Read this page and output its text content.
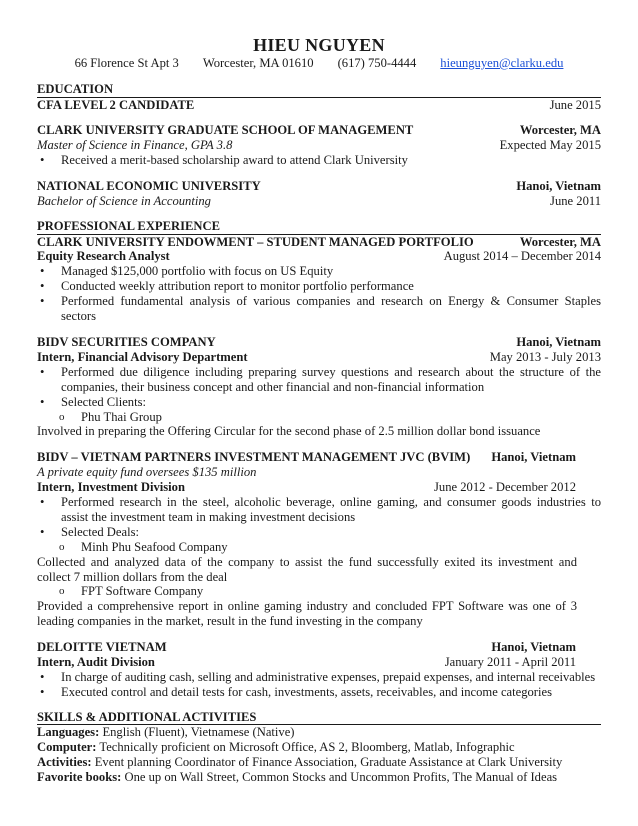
HIEU NGUYEN
66 Florence St Apt 3 Worcester, MA 01610 (617) 750-4444 hieunguyen@clarku.edu
EDUCATION
CFA LEVEL 2 CANDIDATE	June 2015
CLARK UNIVERSITY GRADUATE SCHOOL OF MANAGEMENT	Worcester, MA
Master of Science in Finance, GPA 3.8	Expected May 2015
• Received a merit-based scholarship award to attend Clark University
NATIONAL ECONOMIC UNIVERSITY	Hanoi, Vietnam
Bachelor of Science in Accounting	June 2011
PROFESSIONAL EXPERIENCE
CLARK UNIVERSITY ENDOWMENT – STUDENT MANAGED PORTFOLIO	Worcester, MA
Equity Research Analyst	August 2014 – December 2014
• Managed $125,000 portfolio with focus on US Equity
• Conducted weekly attribution report to monitor portfolio performance
• Performed fundamental analysis of various companies and research on Energy & Consumer Staples sectors
BIDV SECURITIES COMPANY	Hanoi, Vietnam
Intern, Financial Advisory Department	May 2013 - July 2013
• Performed due diligence including preparing survey questions and research about the structure of the companies, their business concept and other financial and non-financial information
• Selected Clients:
o Phu Thai Group
Involved in preparing the Offering Circular for the second phase of 2.5 million dollar bond issuance
BIDV – VIETNAM PARTNERS INVESTMENT MANAGEMENT JVC (BVIM) Hanoi, Vietnam
A private equity fund oversees $135 million
Intern, Investment Division	June 2012 - December 2012
• Performed research in the steel, alcoholic beverage, online gaming, and consumer goods industries to assist the investment team in making investment decisions
• Selected Deals:
o Minh Phu Seafood Company
Collected and analyzed data of the company to assist the fund successfully exited its investment and collect 7 million dollars from the deal
o FPT Software Company
Provided a comprehensive report in online gaming industry and concluded FPT Software was one of 3 leading companies in the market, result in the fund investing in the company
DELOITTE VIETNAM	Hanoi, Vietnam
Intern, Audit Division	January 2011 - April 2011
• In charge of auditing cash, selling and administrative expenses, prepaid expenses, and internal receivables
• Executed control and detail tests for cash, investments, assets, receivables, and income categories
SKILLS & ADDITIONAL ACTIVITIES
Languages: English (Fluent), Vietnamese (Native)
Computer: Technically proficient on Microsoft Office, AS 2, Bloomberg, Matlab, Infographic
Activities: Event planning Coordinator of Finance Association, Graduate Assistance at Clark University
Favorite books: One up on Wall Street, Common Stocks and Uncommon Profits, The Manual of Ideas
